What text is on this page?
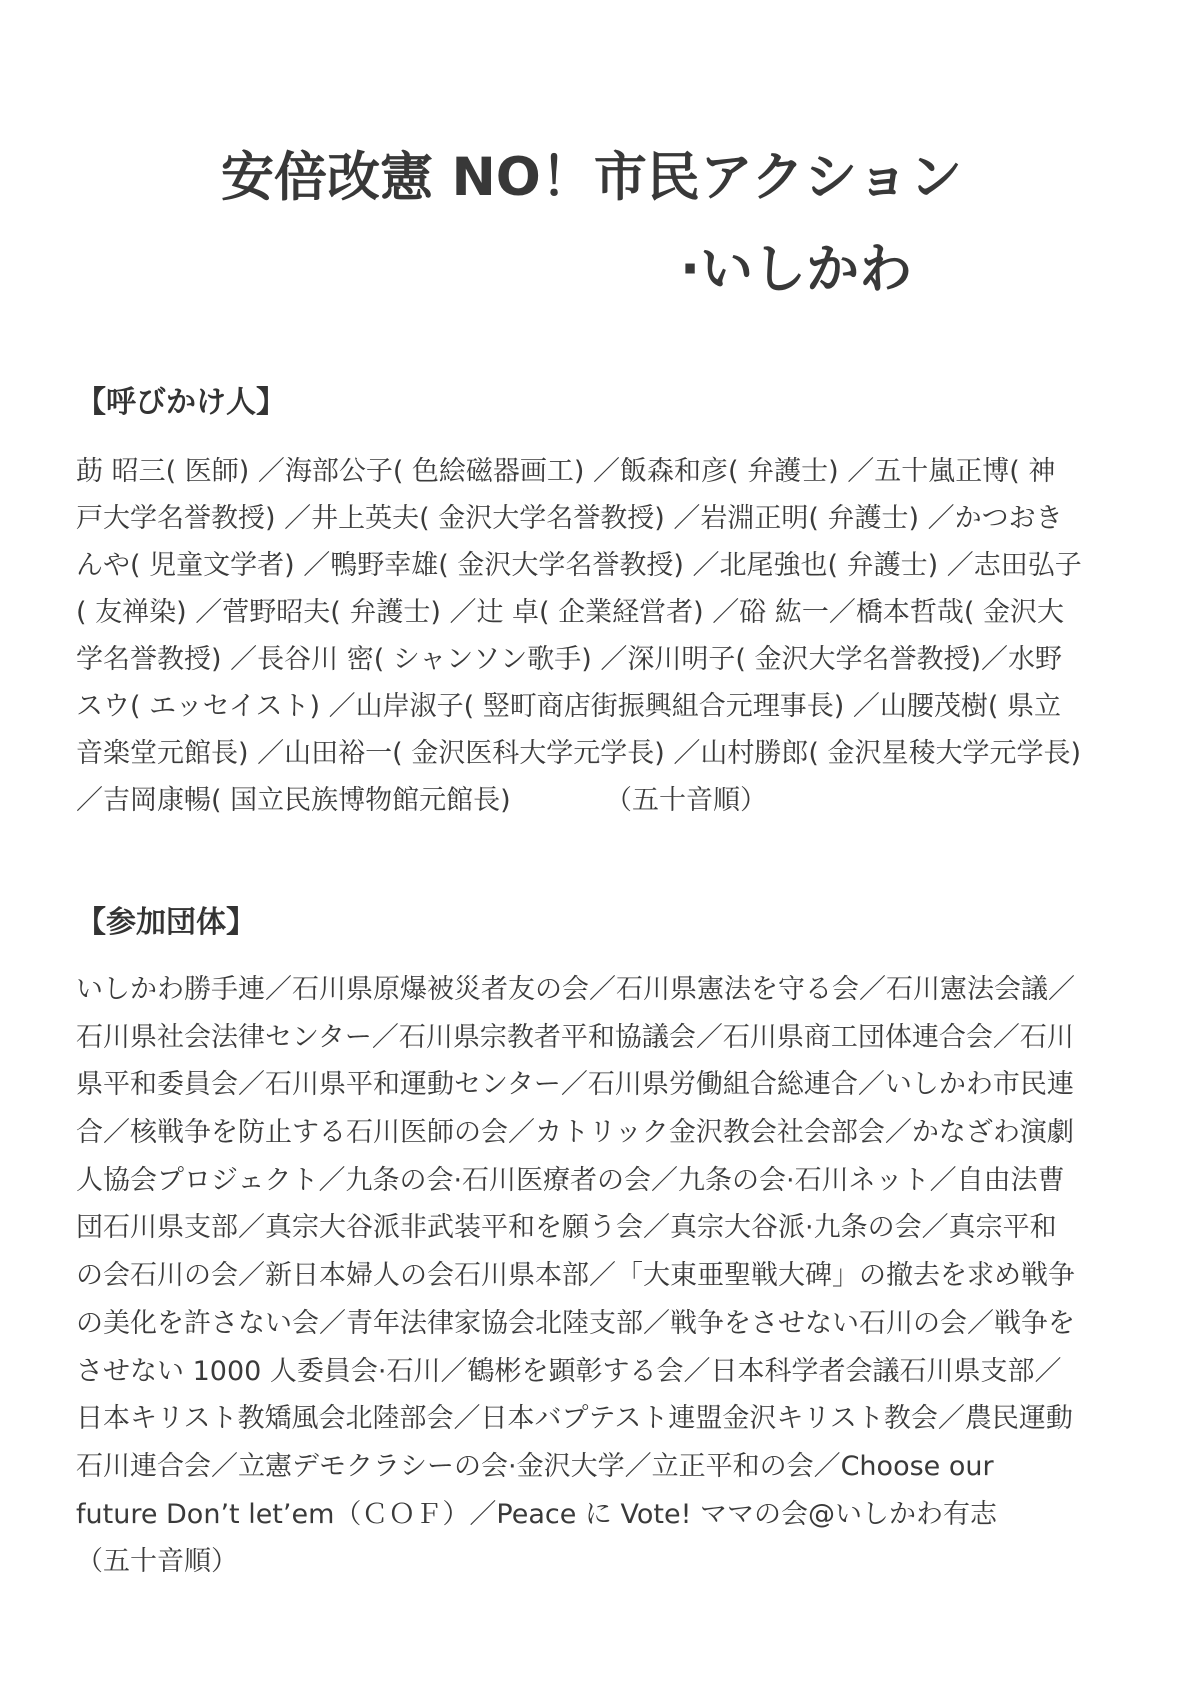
安倍改憲 NO！市民アクション
·いしかわ
【呼びかけ人】
莇 昭三( 医師) ／海部公子( 色絵磁器画工) ／飯森和彦( 弁護士) ／五十嵐正博( 神
戸大学名誉教授) ／井上英夫( 金沢大学名誉教授) ／岩淵正明( 弁護士) ／かつおき
んや( 児童文学者) ／鴨野幸雄( 金沢大学名誉教授) ／北尾強也( 弁護士) ／志田弘子
( 友禅染) ／菅野昭夫( 弁護士) ／辻 卓( 企業経営者) ／硲 紘一／橋本哲哉( 金沢大
学名誉教授) ／長谷川 密( シャンソン歌手) ／深川明子( 金沢大学名誉教授)／水野
スウ( エッセイスト) ／山岸淑子( 竪町商店街振興組合元理事長) ／山腰茂樹( 県立
音楽堂元館長) ／山田裕一( 金沢医科大学元学長) ／山村勝郎( 金沢星稜大学元学長)
／吉岡康暢( 国立民族博物館元館長)	（五十音順）
【参加団体】
いしかわ勝手連／石川県原爆被災者友の会／石川県憲法を守る会／石川憲法会議／
石川県社会法律センター／石川県宗教者平和協議会／石川県商工団体連合会／石川
県平和委員会／石川県平和運動センター／石川県労働組合総連合／いしかわ市民連
合／核戦争を防止する石川医師の会／カトリック金沢教会社会部会／かなざわ演劇
人協会プロジェクト／九条の会·石川医療者の会／九条の会·石川ネット／自由法曹
団石川県支部／真宗大谷派非武装平和を願う会／真宗大谷派·九条の会／真宗平和
の会石川の会／新日本婦人の会石川県本部／「大東亜聖戦大碑」の撤去を求め戦争
の美化を許さない会／青年法律家協会北陸支部／戦争をさせない石川の会／戦争を
させない 1000 人委員会·石川／鶴彬を顕彰する会／日本科学者会議石川県支部／
日本キリスト教矯風会北陸部会／日本バプテスト連盟金沢キリスト教会／農民運動
石川連合会／立憲デモクラシーの会·金沢大学／立正平和の会／Choose our
future Don’t let’em（ＣＯＦ）／Peace に Vote! ママの会@いしかわ有志
（五十音順）
